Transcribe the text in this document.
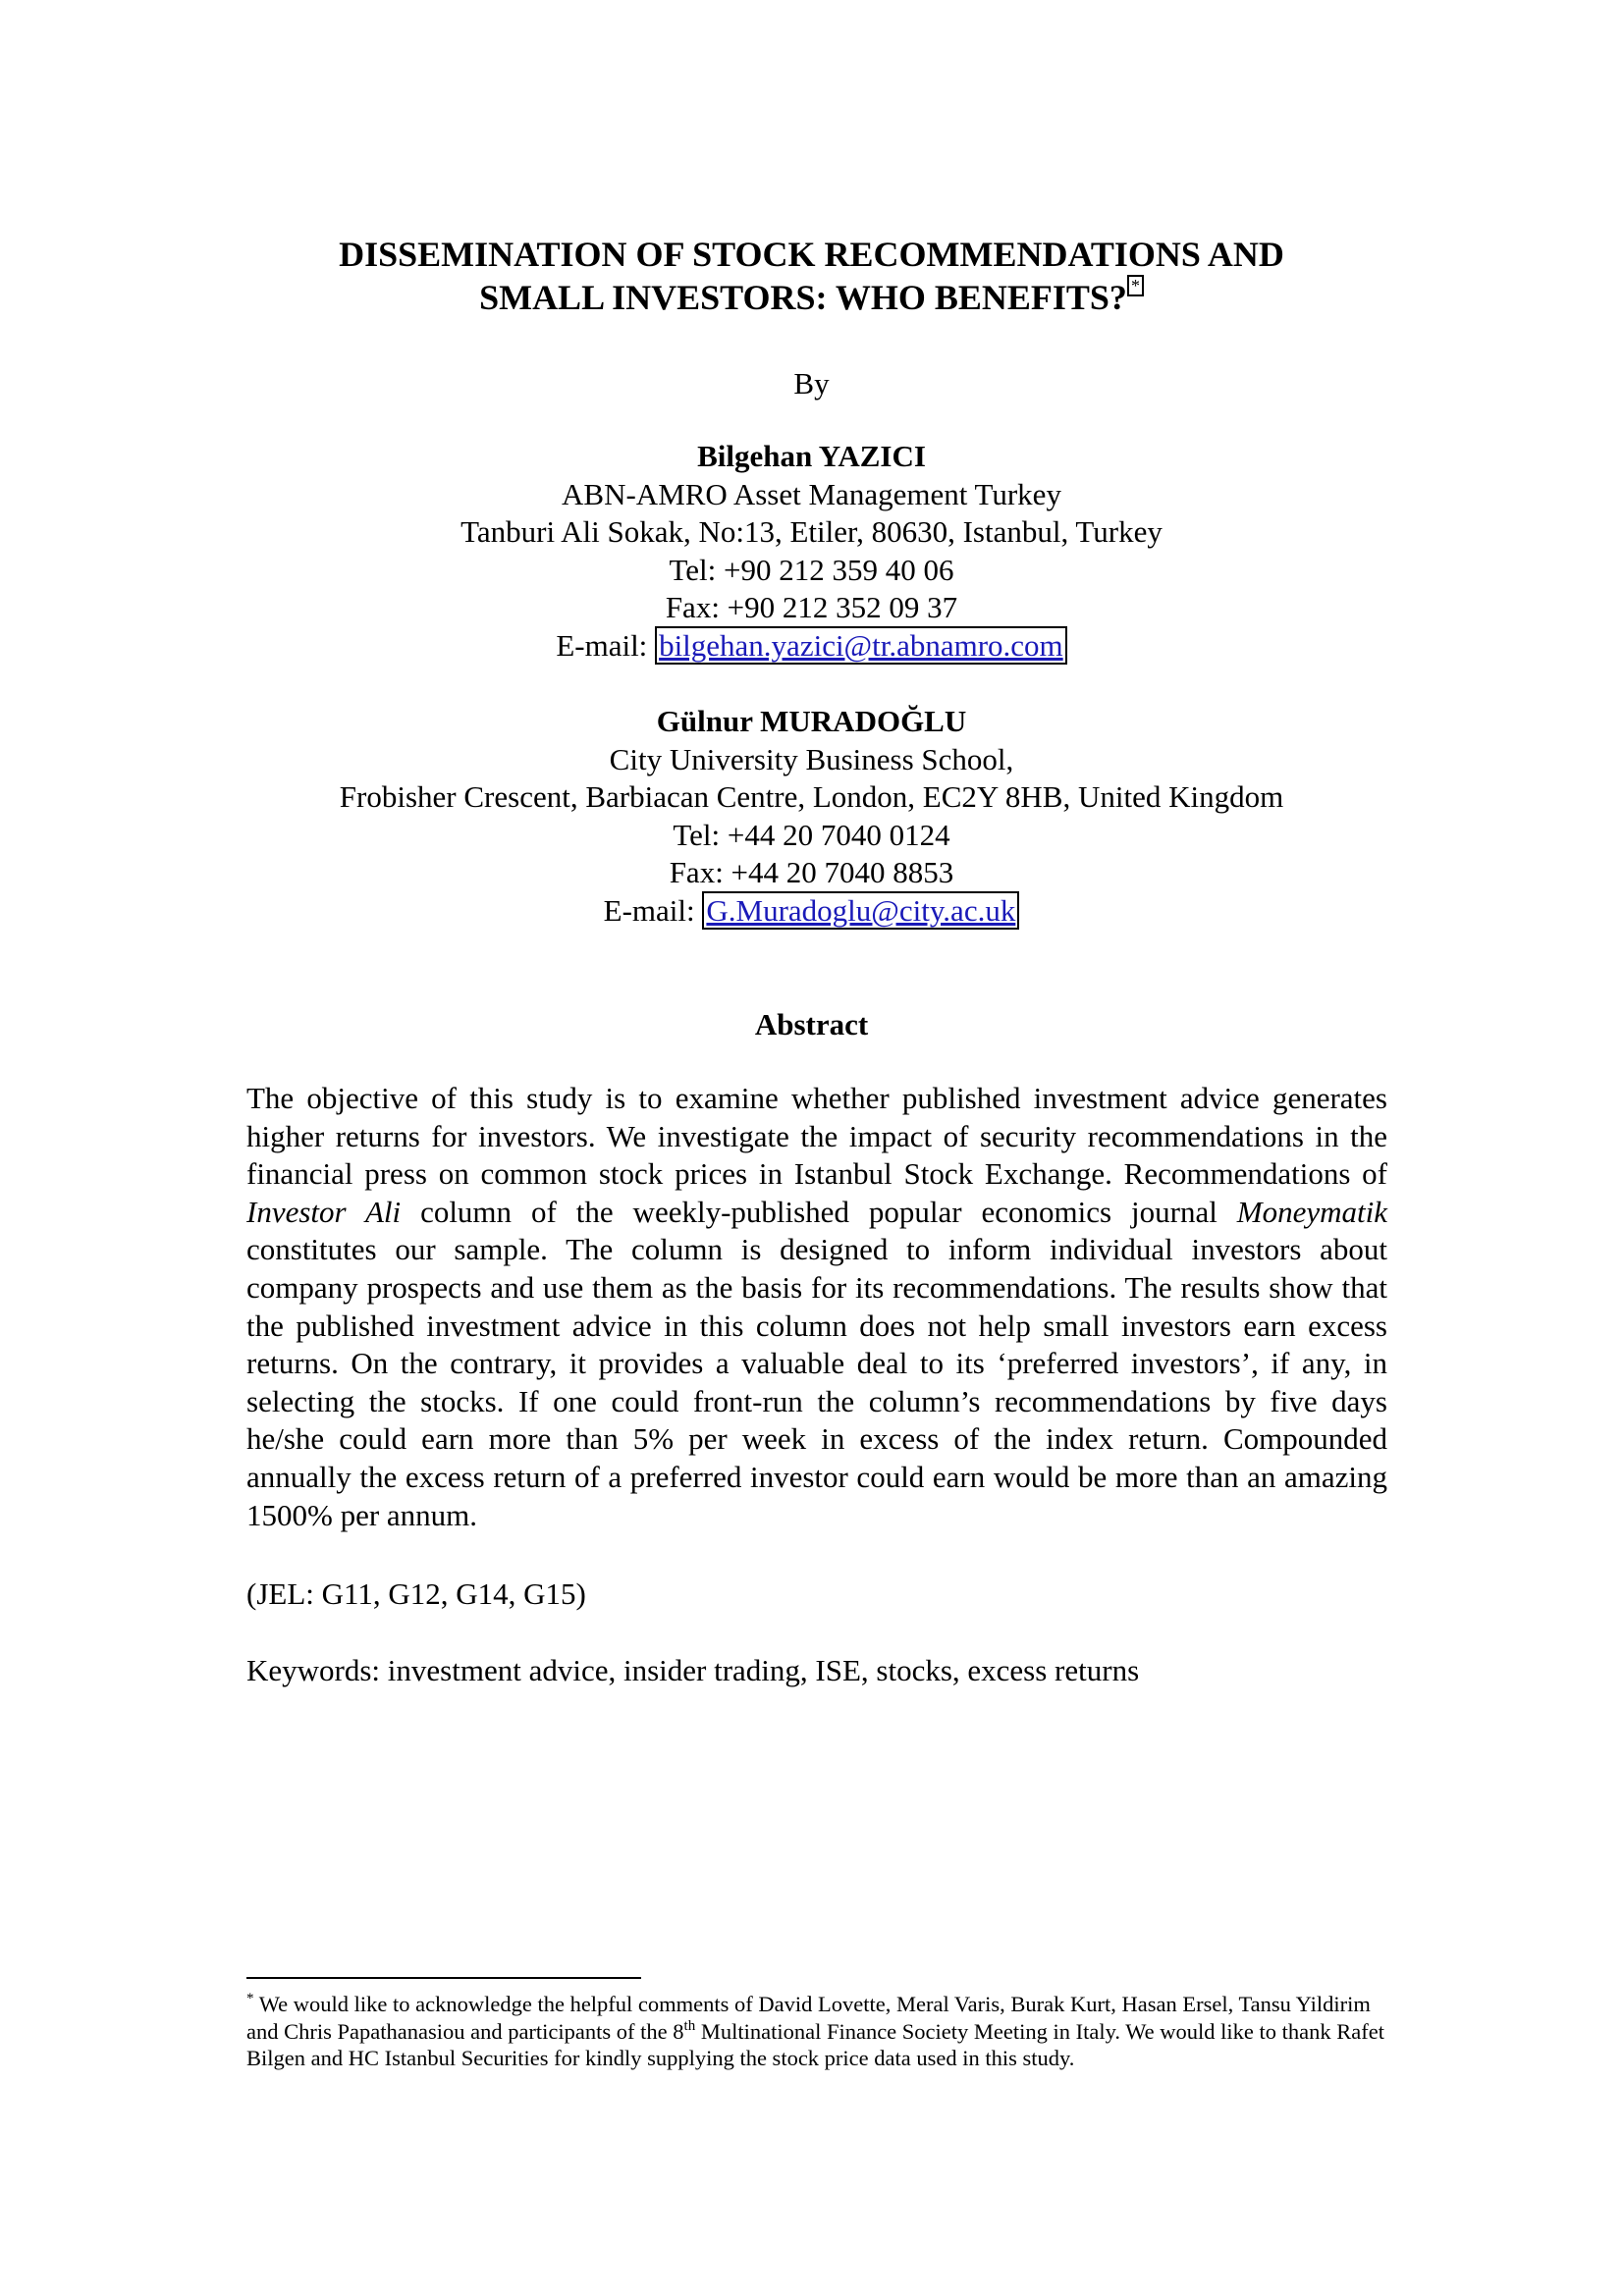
DISSEMINATION OF STOCK RECOMMENDATIONS AND
SMALL INVESTORS: WHO BENEFITS? *
By
Bilgehan YAZICI
ABN-AMRO Asset Management Turkey
Tanburi Ali Sokak, No:13, Etiler, 80630, Istanbul, Turkey
Tel: +90 212 359 40 06
Fax: +90 212 352 09 37
E-mail: bilgehan.yazici@tr.abnamro.com
Gülnur MURADOĞLU
City University Business School,
Frobisher Crescent, Barbiacan Centre, London, EC2Y 8HB, United Kingdom
Tel: +44 20 7040 0124
Fax: +44 20 7040 8853
E-mail: G.Muradoglu@city.ac.uk
Abstract

The objective of this study is to examine whether published investment advice generates higher returns for investors. We investigate the impact of security recommendations in the financial press on common stock prices in Istanbul Stock Exchange. Recommendations of Investor Ali column of the weekly-published popular economics journal Moneymatik constitutes our sample. The column is designed to inform individual investors about company prospects and use them as the basis for its recommendations. The results show that the published investment advice in this column does not help small investors earn excess returns. On the contrary, it provides a valuable deal to its ‘preferred investors’, if any, in selecting the stocks. If one could front-run the column’s recommendations by five days he/she could earn more than 5% per week in excess of the index return. Compounded annually the excess return of a preferred investor could earn would be more than an amazing 1500% per annum.

(JEL: G11, G12, G14, G15)
Keywords: investment advice, insider trading, ISE, stocks, excess returns
* We would like to acknowledge the helpful comments of David Lovette, Meral Varis, Burak Kurt, Hasan Ersel, Tansu Yildirim and Chris Papathanasiou and participants of the 8th Multinational Finance Society Meeting in Italy. We would like to thank Rafet Bilgen and HC Istanbul Securities for kindly supplying the stock price data used in this study.
